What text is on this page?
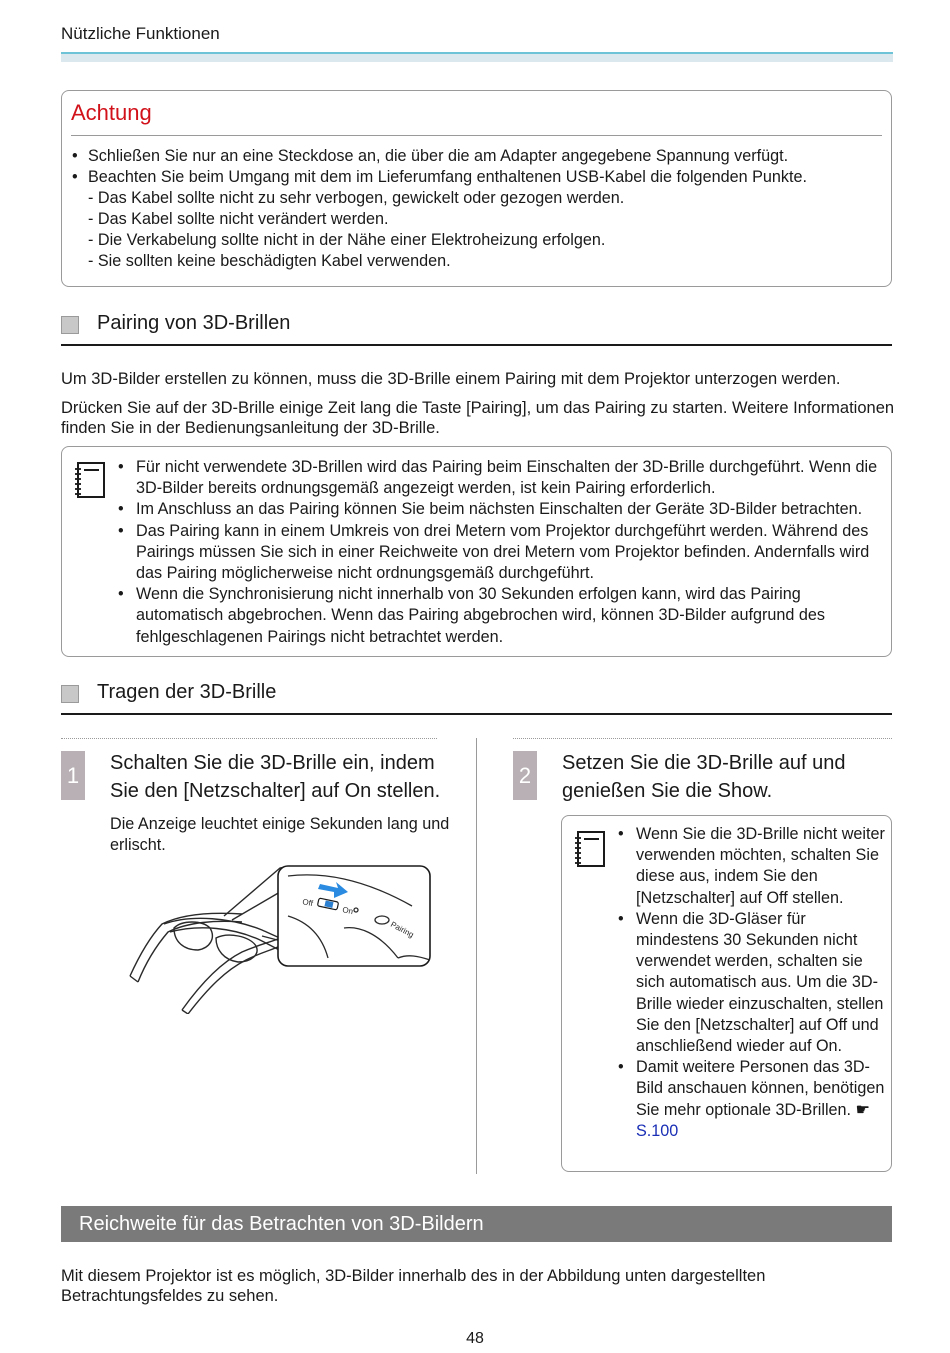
Nützliche Funktionen
Achtung
• Schließen Sie nur an eine Steckdose an, die über die am Adapter angegebene Spannung verfügt.
• Beachten Sie beim Umgang mit dem im Lieferumfang enthaltenen USB-Kabel die folgenden Punkte.
- Das Kabel sollte nicht zu sehr verbogen, gewickelt oder gezogen werden.
- Das Kabel sollte nicht verändert werden.
- Die Verkabelung sollte nicht in der Nähe einer Elektroheizung erfolgen.
- Sie sollten keine beschädigten Kabel verwenden.
Pairing von 3D-Brillen
Um 3D-Bilder erstellen zu können, muss die 3D-Brille einem Pairing mit dem Projektor unterzogen werden.
Drücken Sie auf der 3D-Brille einige Zeit lang die Taste [Pairing], um das Pairing zu starten. Weitere Informationen finden Sie in der Bedienungsanleitung der 3D-Brille.
• Für nicht verwendete 3D-Brillen wird das Pairing beim Einschalten der 3D-Brille durchgeführt. Wenn die 3D-Bilder bereits ordnungsgemäß angezeigt werden, ist kein Pairing erforderlich.
• Im Anschluss an das Pairing können Sie beim nächsten Einschalten der Geräte 3D-Bilder betrachten.
• Das Pairing kann in einem Umkreis von drei Metern vom Projektor durchgeführt werden. Während des Pairings müssen Sie sich in einer Reichweite von drei Metern vom Projektor befinden. Andernfalls wird das Pairing möglicherweise nicht ordnungsgemäß durchgeführt.
• Wenn die Synchronisierung nicht innerhalb von 30 Sekunden erfolgen kann, wird das Pairing automatisch abgebrochen. Wenn das Pairing abgebrochen wird, können 3D-Bilder aufgrund des fehlgeschlagenen Pairings nicht betrachtet werden.
Tragen der 3D-Brille
1 Schalten Sie die 3D-Brille ein, indem Sie den [Netzschalter] auf On stellen.
Die Anzeige leuchtet einige Sekunden lang und erlischt.
Off
On
Pairing
2 Setzen Sie die 3D-Brille auf und genießen Sie die Show.
• Wenn Sie die 3D-Brille nicht weiter verwenden möchten, schalten Sie diese aus, indem Sie den [Netzschalter] auf Off stellen.
• Wenn die 3D-Gläser für mindestens 30 Sekunden nicht verwendet werden, schalten sie sich automatisch aus. Um die 3D-Brille wieder einzuschalten, stellen Sie den [Netzschalter] auf Off und anschließend wieder auf On.
• Damit weitere Personen das 3D-Bild anschauen können, benötigen Sie mehr optionale 3D-Brillen. ☛ S.100
Reichweite für das Betrachten von 3D-Bildern
Mit diesem Projektor ist es möglich, 3D-Bilder innerhalb des in der Abbildung unten dargestellten Betrachtungsfeldes zu sehen.
48
